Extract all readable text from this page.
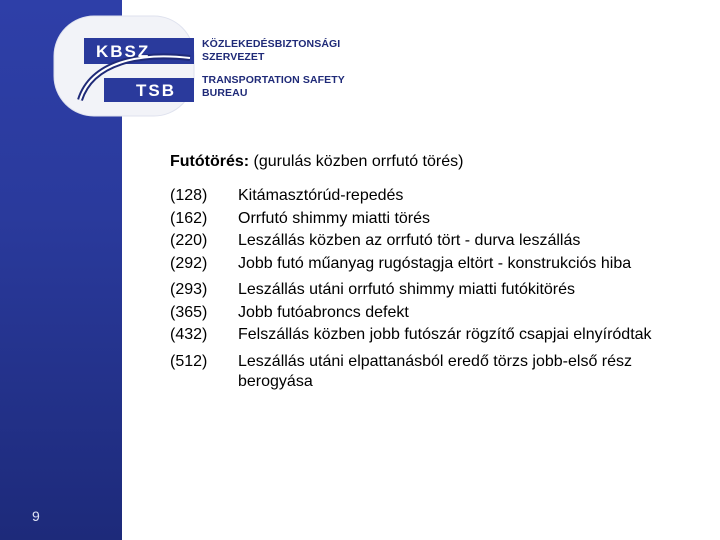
9
KBSZ
TSB
KÖZLEKEDÉSBIZTONSÁGI
SZERVEZET
TRANSPORTATION SAFETY
BUREAU
Futótörés: (gurulás közben orrfutó törés)
(128)	Kitámasztórúd-repedés
(162)	Orrfutó shimmy miatti törés
(220)	Leszállás közben az orrfutó tört - durva leszállás
(292)	Jobb futó műanyag rugóstagja eltört - konstrukciós hiba
(293)	Leszállás utáni orrfutó shimmy miatti futókitörés
(365)	Jobb futóabroncs defekt
(432)	Felszállás közben jobb futószár rögzítő csapjai elnyíródtak
(512)	Leszállás utáni elpattanásból eredő törzs jobb-első rész berogyása
